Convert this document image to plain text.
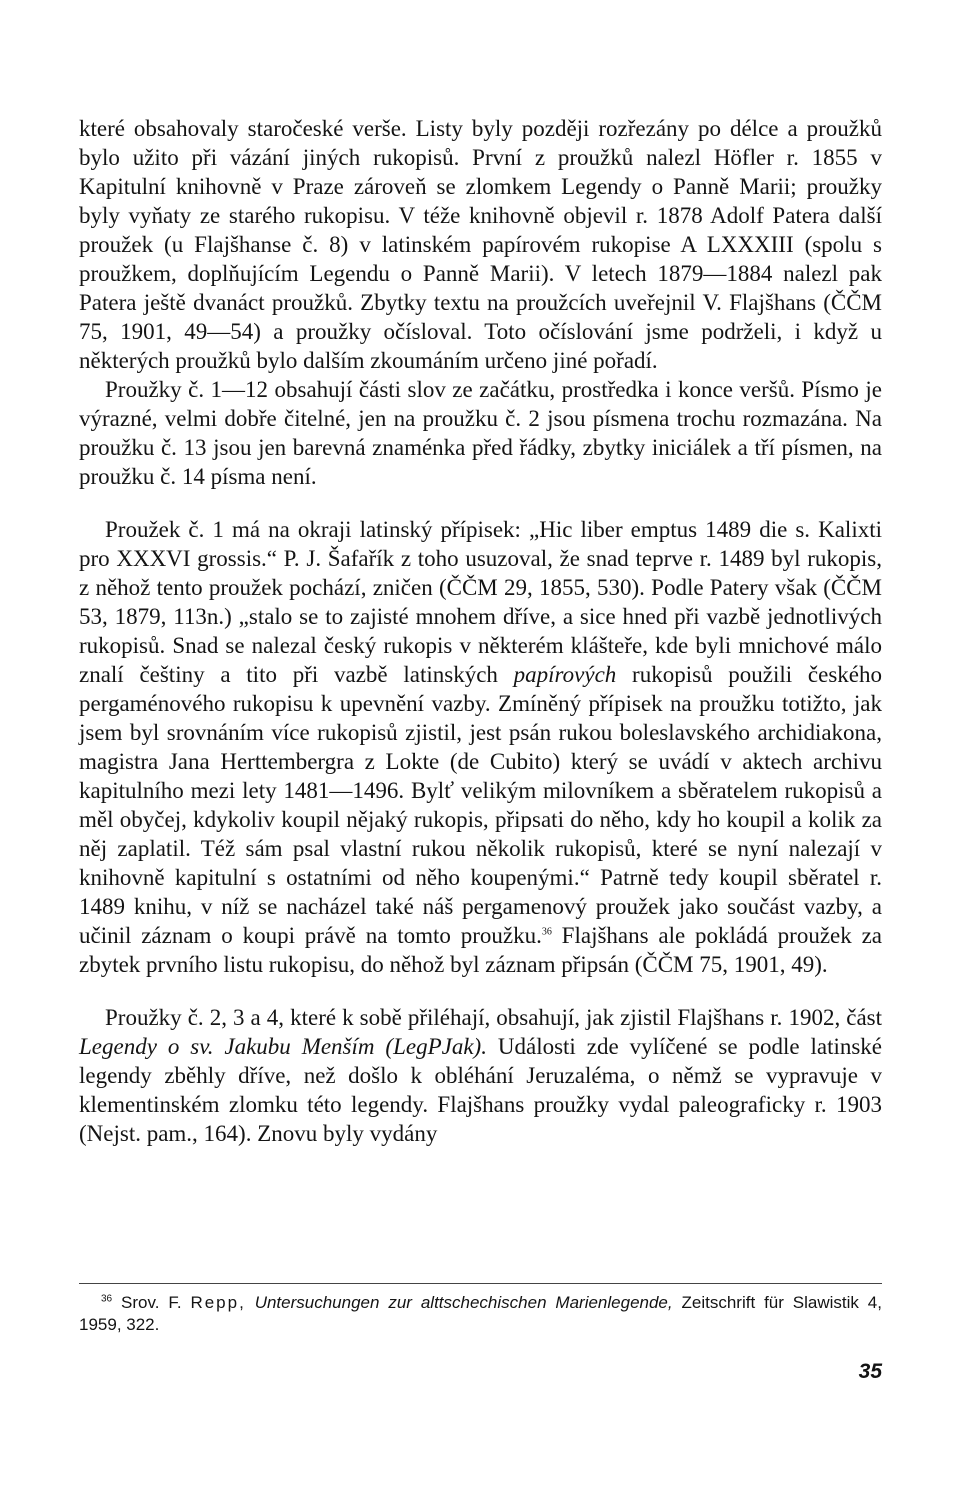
které obsahovaly staročeské verše. Listy byly později rozřezány po délce a proužků bylo užito při vázání jiných rukopisů. První z proužků nalezl Höfler r. 1855 v Kapitulní knihovně v Praze zároveň se zlomkem Legendy o Panně Marii; proužky byly vyňaty ze starého rukopisu. V téže knihovně objevil r. 1878 Adolf Patera další proužek (u Flajšhanse č. 8) v latinském papírovém rukopise A LXXXIII (spolu s proužkem, doplňujícím Legendu o Panně Marii). V letech 1879—1884 nalezl pak Patera ještě dvanáct proužků. Zbytky textu na proužcích uveřejnil V. Flajšhans (ČČM 75, 1901, 49—54) a proužky očísloval. Toto očíslování jsme podrželi, i když u některých proužků bylo dalším zkoumáním určeno jiné pořadí.

Proužky č. 1—12 obsahují části slov ze začátku, prostředka i konce veršů. Písmo je výrazné, velmi dobře čitelné, jen na proužku č. 2 jsou písmena trochu rozmazána. Na proužku č. 13 jsou jen barevná znaménka před řádky, zbytky iniciálek a tří písmen, na proužku č. 14 písma není.

Proužek č. 1 má na okraji latinský přípisek: „Hic liber emptus 1489 die s. Kalixti pro XXXVI grossis.“ P. J. Šafařík z toho usuzoval, že snad teprve r. 1489 byl rukopis, z něhož tento proužek pochází, zničen (ČČM 29, 1855, 530). Podle Patery však (ČČM 53, 1879, 113n.) „stalo se to zajisté mnohem dříve, a sice hned při vazbě jednotlivých rukopisů. Snad se nalezal český rukopis v některém klášteře, kde byli mnichové málo znalí češtiny a tito při vazbě latinských papírových rukopisů použili českého pergaménového rukopisu k upevnění vazby. Zmíněný přípisek na proužku totižto, jak jsem byl srovnáním více rukopisů zjistil, jest psán rukou boleslavského archidiakona, magistra Jana Herttembergra z Lokte (de Cubito) který se uvádí v aktech archivu kapitulního mezi lety 1481—1496. Bylť velikým milovníkem a sběratelem rukopisů a měl obyčej, kdykoliv koupil nějaký rukopis, připsati do něho, kdy ho koupil a kolik za něj zaplatil. Též sám psal vlastní rukou několik rukopisů, které se nyní nalezají v knihovně kapitulní s ostatními od něho koupenými.“ Patrně tedy koupil sběratel r. 1489 knihu, v níž se nacházel také náš pergamenový proužek jako součást vazby, a učinil záznam o koupi právě na tomto proužku.$^{36}$ Flajšhans ale pokládá proužek za zbytek prvního listu rukopisu, do něhož byl záznam připsán (ČČM 75, 1901, 49).

Proužky č. 2, 3 a 4, které k sobě přiléhají, obsahují, jak zjistil Flajšhans r. 1902, část Legendy o sv. Jakubu Menším (LegPJak). Události zde vylíčené se podle latinské legendy zběhly dříve, než došlo k obléhání Jeruzaléma, o němž se vypravuje v klementinském zlomku této legendy. Flajšhans proužky vydal paleograficky r. 1903 (Nejst. pam., 164). Znovu byly vydány

$^{36}$ Srov. F. Repp, Untersuchungen zur alttschechischen Marienlegende, Zeitschrift für Slawistik 4, 1959, 322.
35
